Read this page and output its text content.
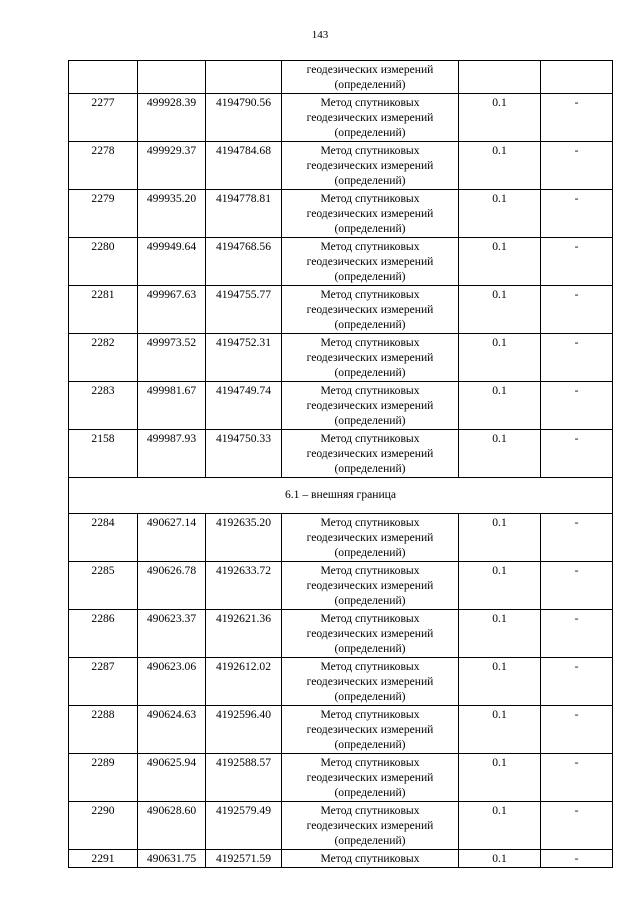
143

			геодезических измерений
(определений)		

2277	499928.39	4194790.56	Метод спутниковых
геодезических измерений
(определений)	0.1	-
2278	499929.37	4194784.68	Метод спутниковых
геодезических измерений
(определений)	0.1	-
2279	499935.20	4194778.81	Метод спутниковых
геодезических измерений
(определений)	0.1	-
2280	499949.64	4194768.56	Метод спутниковых
геодезических измерений
(определений)	0.1	-
2281	499967.63	4194755.77	Метод спутниковых
геодезических измерений
(определений)	0.1	-
2282	499973.52	4194752.31	Метод спутниковых
геодезических измерений
(определений)	0.1	-
2283	499981.67	4194749.74	Метод спутниковых
геодезических измерений
(определений)	0.1	-
2158	499987.93	4194750.33	Метод спутниковых
геодезических измерений
(определений)	0.1	-
6.1 – внешняя граница					
2284	490627.14	4192635.20	Метод спутниковых
геодезических измерений
(определений)	0.1	-
2285	490626.78	4192633.72	Метод спутниковых
геодезических измерений
(определений)	0.1	-
2286	490623.37	4192621.36	Метод спутниковых
геодезических измерений
(определений)	0.1	-
2287	490623.06	4192612.02	Метод спутниковых
геодезических измерений
(определений)	0.1	-
2288	490624.63	4192596.40	Метод спутниковых
геодезических измерений
(определений)	0.1	-
2289	490625.94	4192588.57	Метод спутниковых
геодезических измерений
(определений)	0.1	-
2290	490628.60	4192579.49	Метод спутниковых
геодезических измерений
(определений)	0.1	-
2291	490631.75	4192571.59	Метод спутниковых	0.1	-
